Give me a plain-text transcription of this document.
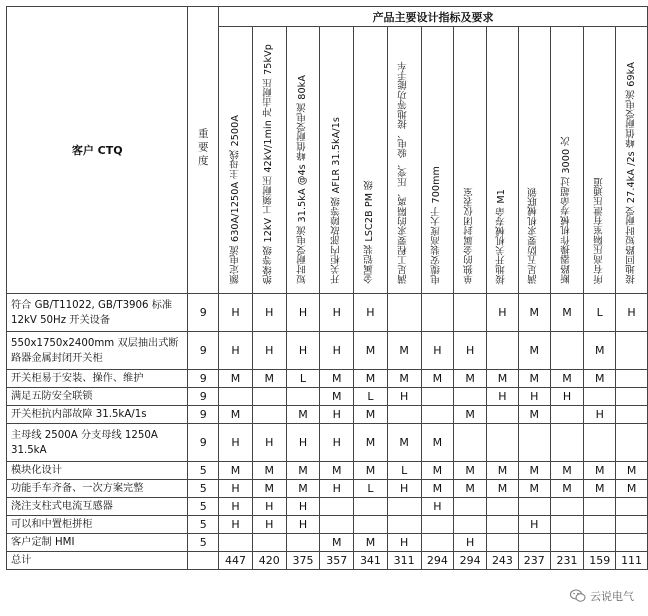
客户 CTQ	重要度	产品主要设计指标及要求												
		额定电流 630A/1250A 主母线 2500A	绝缘等级 12kV 工频耐压 42kV/1min 冲击耐压 75kVp	短时耐受电流 31.5kA @4s 峰值耐受电流 80kA	开关柜内部故障等级 AFLR 31.5kA/1s	金属铠装 LSC2B PM 级	满足工程要求的隔离、压变、验电、接地等功能手车	电缆安装高度大于 700mm	单独的金属封闭仪表室	接地开关机械寿命 M1	满足五防要求机械联锁	断路器操作机械寿命超过 3000 次	所有高压隔室有泄压通道	接地回路短时耐受 27.4kA /2s 峰值耐受电流 69kA
符合 GB/T11022, GB/T3906 标准 12kV 50Hz 开关设备	9	H	H	H	H	H				H	M	M	L	H
550x1750x2400mm 双层抽出式断路器金属封闭开关柜	9	H	H	H	H	M	M	H	H		M		M	
开关柜易于安装、操作、维护	9	M	M	L	M	M	M	M	M	M	M	M	M	
满足五防安全联锁	9				M	L	H			H	H	H		
开关柜抗内部故障 31.5kA/1s	9	M		M	H	M			M		M		H	
主母线 2500A 分支母线 1250A 31.5kA	9	H	H	H	H	M	M	M						
模块化设计	5	M	M	M	M	M	L	M	M	M	M	M	M	M
功能手车齐备、一次方案完整	5	H	M	M	H	L	H	M	M	M	M	M	M	M
浇注支柱式电流互感器	5	H	H	H				H						
可以和中置柜拼柜	5	H	H	H							H			
客户定制 HMI	5				M	M	H		H					
总计		447	420	375	357	341	311	294	294	243	237	231	159	111
云说电气
